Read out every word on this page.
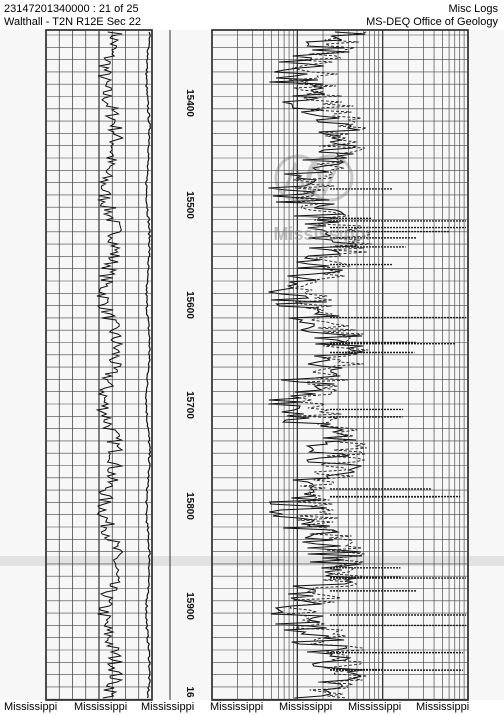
23147201340000 : 21 of 25
Walthall - T2N R12E Sec 22
Misc Logs
MS-DEQ Office of Geology
15400
15500
15600
15700
15800
15900
16
Mississippi
Mississippi Mississippi Mississippi Mississippi Mississippi Mississippi Mississippi
